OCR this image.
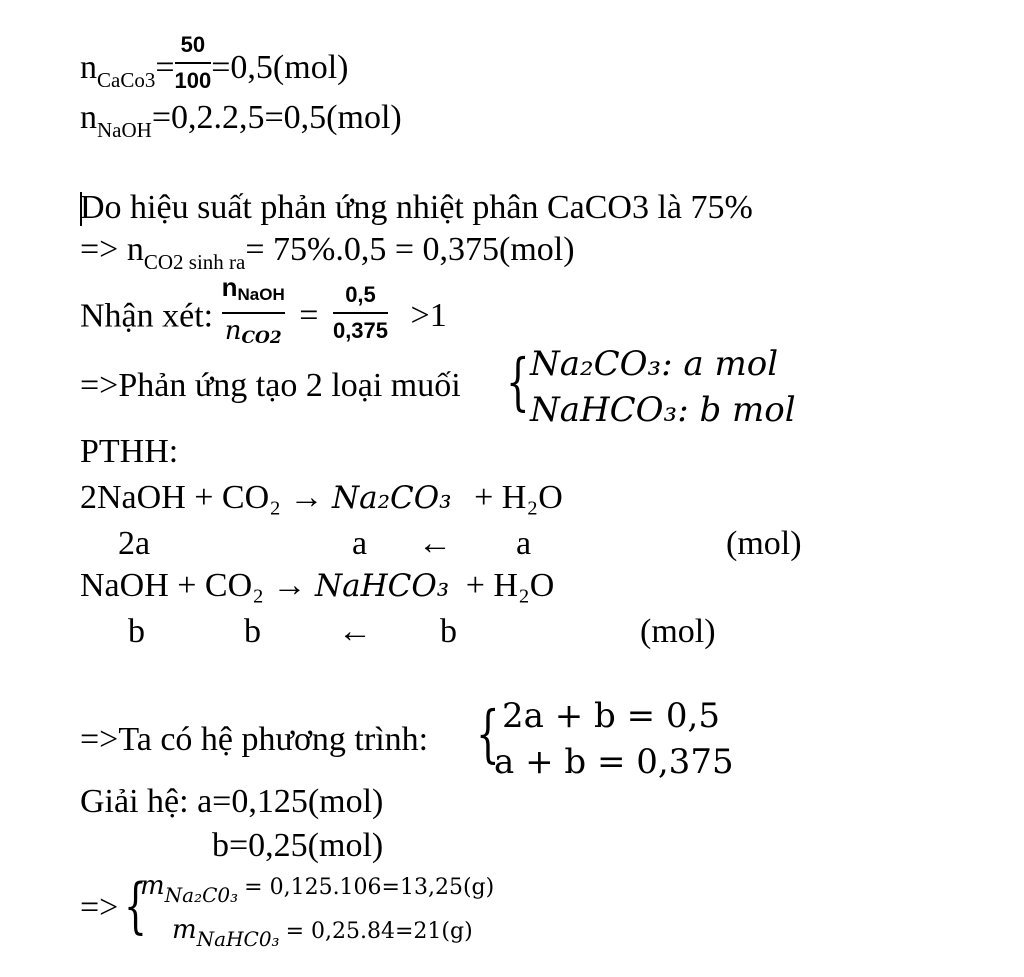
$n_{CaCo3}= \frac{50}{100} =0,5(mol)$
$n_{NaOH}=0,2.2,5=0,5(mol)$
Do hiệu suất phản ứng nhiệt phân CaCO3 là 75%
=> $n_{CO2 sinh ra}= 75\%.0,5 = 0,375(mol)$
Nhận xét: $\frac{\text{nNaOH}}{\text{nCO2}} = \frac{0,5}{0,375} >1$
=>Phản ứng tạo 2 loại muối { Na₂CO₃: a mol
NaHCO₃: b mol
PTHH:
2NaOH + CO₂ → Na₂CO₃ + H₂O
2a	a ← a	(mol)
NaOH + CO₂ → NaHCO₃ + H₂O
b	b ← b	(mol)
=>Ta có hệ phương trình: { 2a + b = 0,5
a + b = 0,375
Giải hệ: a=0,125(mol)
b=0,25(mol)
=> {
$m_{Na_2C0_3} = 0,125.106=13,25(g)$
$m_{NaHC0_3} = 0,25.84=21(g)$
